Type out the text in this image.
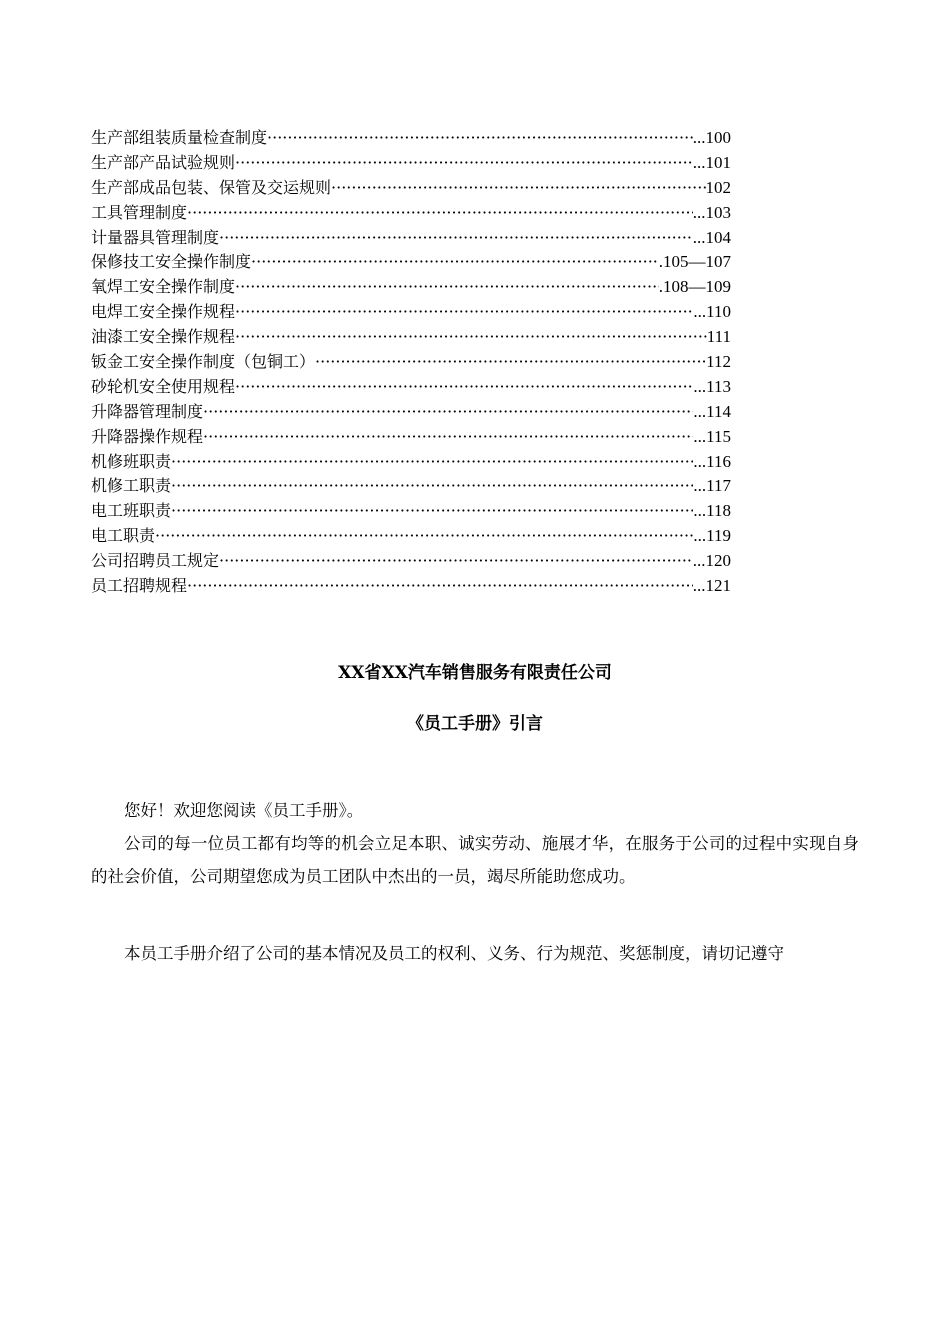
生产部组装质量检查制度 ·····	...100
生产部产品试验规则 ·····	...101
生产部成品包装、保管及交运规则 ·····	102
工具管理制度 ·····	...103
计量器具管理制度 ·····	...104
保修技工安全操作制度 ·····	.105—107
氧焊工安全操作制度 ·····	.108—109
电焊工安全操作规程 ·····	...110
油漆工安全操作规程 ·····	111
钣金工安全操作制度（包铜工） ·····	112
砂轮机安全使用规程 ·····	...113
升降器管理制度 ·····	...114
升降器操作规程 ·····	...115
机修班职责 ·····	...116
机修工职责 ·····	...117
电工班职责 ·····	...118
电工职责 ·····	...119
公司招聘员工规定 ·····	...120
员工招聘规程 ·····	...121
XX省XX汽车销售服务有限责任公司
《员工手册》引言
您好！欢迎您阅读《员工手册》。
公司的每一位员工都有均等的机会立足本职、诚实劳动、施展才华，在服务于公司的过程中实现自身的社会价值，公司期望您成为员工团队中杰出的一员，竭尽所能助您成功。
本员工手册介绍了公司的基本情况及员工的权利、义务、行为规范、奖惩制度，请切记遵守
